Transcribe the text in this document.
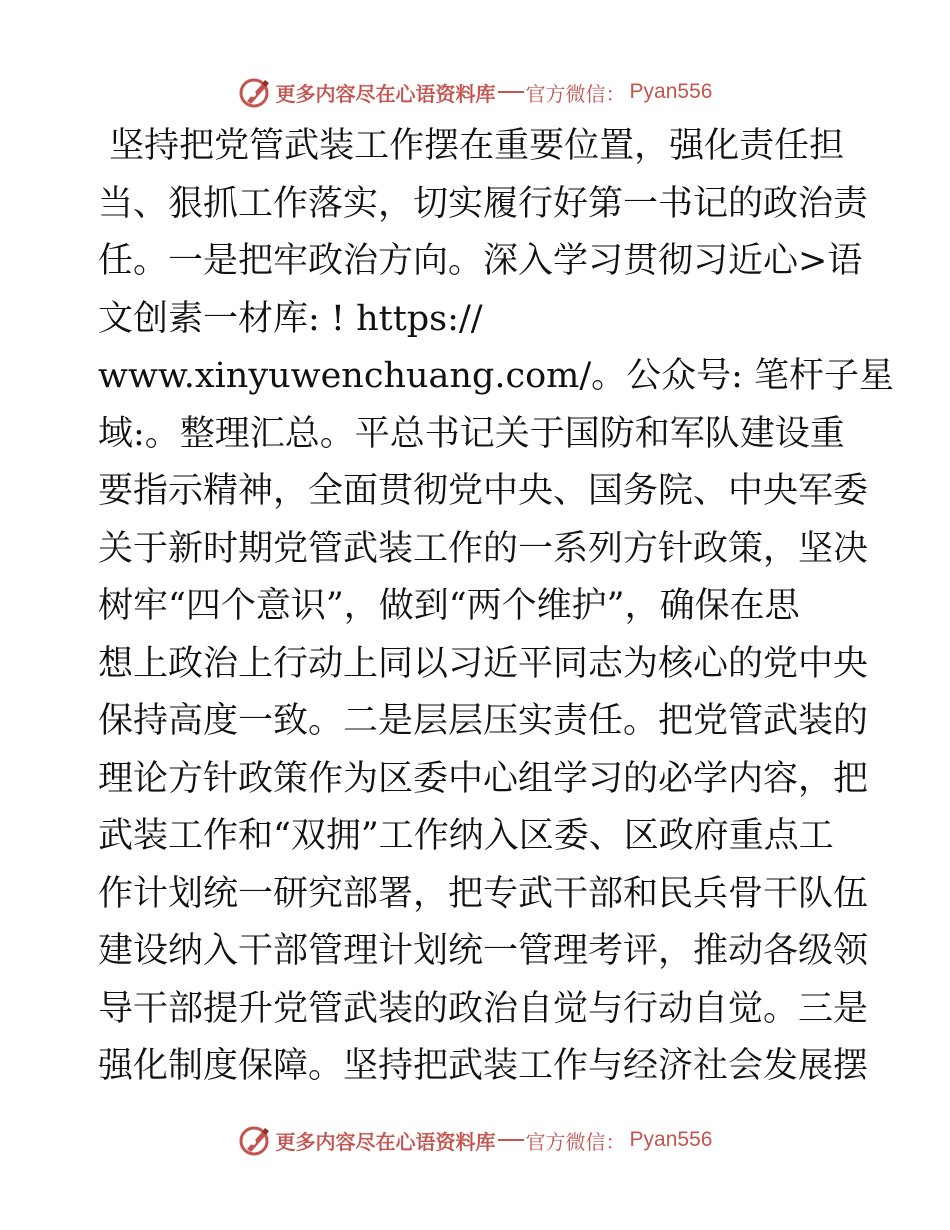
更多内容尽在心语资料库 官方微信： Pyan556
坚持把党管武装工作摆在重要位置，强化责任担
当、狠抓工作落实，切实履行好第一书记的政治责
任。一是把牢政治方向。深入学习贯彻习近心>语
文创素一材库: ! https://
www.xinyuwenchuang.com/。公众号: 笔杆子星
域:。整理汇总。平总书记关于国防和军队建设重
要指示精神，全面贯彻党中央、国务院、中央军委
关于新时期党管武装工作的一系列方针政策，坚决
树牢“四个意识”，做到“两个维护”，确保在思
想上政治上行动上同以习近平同志为核心的党中央
保持高度一致。二是层层压实责任。把党管武装的
理论方针政策作为区委中心组学习的必学内容，把
武装工作和“双拥”工作纳入区委、区政府重点工
作计划统一研究部署，把专武干部和民兵骨干队伍
建设纳入干部管理计划统一管理考评，推动各级领
导干部提升党管武装的政治自觉与行动自觉。三是
强化制度保障。坚持把武装工作与经济社会发展摆
更多内容尽在心语资料库 官方微信： Pyan556
